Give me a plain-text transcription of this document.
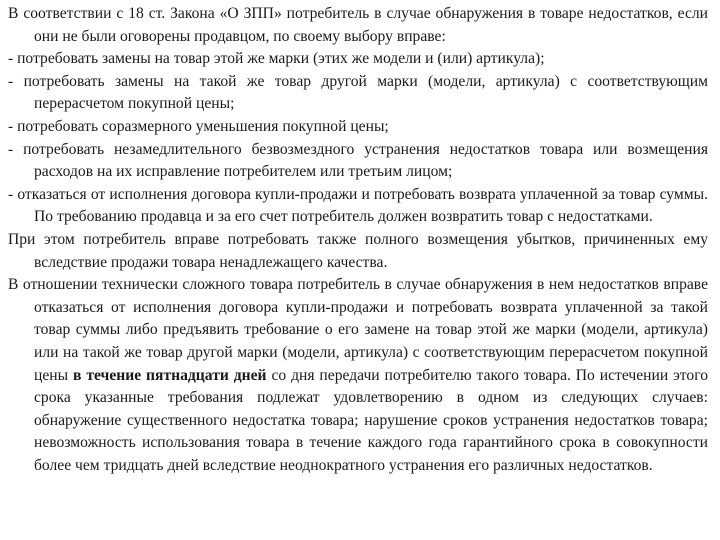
В соответствии с 18 ст. Закона «О ЗПП» потребитель в случае обнаружения в товаре недостатков, если они не были оговорены продавцом, по своему выбору вправе:

- потребовать замены на товар этой же марки (этих же модели и (или) артикула);

- потребовать замены на такой же товар другой марки (модели, артикула) с соответствующим перерасчетом покупной цены;

- потребовать соразмерного уменьшения покупной цены;

- потребовать незамедлительного безвозмездного устранения недостатков товара или возмещения расходов на их исправление потребителем или третьим лицом;

- отказаться от исполнения договора купли-продажи и потребовать возврата уплаченной за товар суммы. По требованию продавца и за его счет потребитель должен возвратить товар с недостатками.

При этом потребитель вправе потребовать также полного возмещения убытков, причиненных ему вследствие продажи товара ненадлежащего качества.

В отношении технически сложного товара потребитель в случае обнаружения в нем недостатков вправе отказаться от исполнения договора купли-продажи и потребовать возврата уплаченной за такой товар суммы либо предъявить требование о его замене на товар этой же марки (модели, артикула) или на такой же товар другой марки (модели, артикула) с соответствующим перерасчетом покупной цены в течение пятнадцати дней со дня передачи потребителю такого товара. По истечении этого срока указанные требования подлежат удовлетворению в одном из следующих случаев: обнаружение существенного недостатка товара; нарушение сроков устранения недостатков товара; невозможность использования товара в течение каждого года гарантийного срока в совокупности более чем тридцать дней вследствие неоднократного устранения его различных недостатков.
